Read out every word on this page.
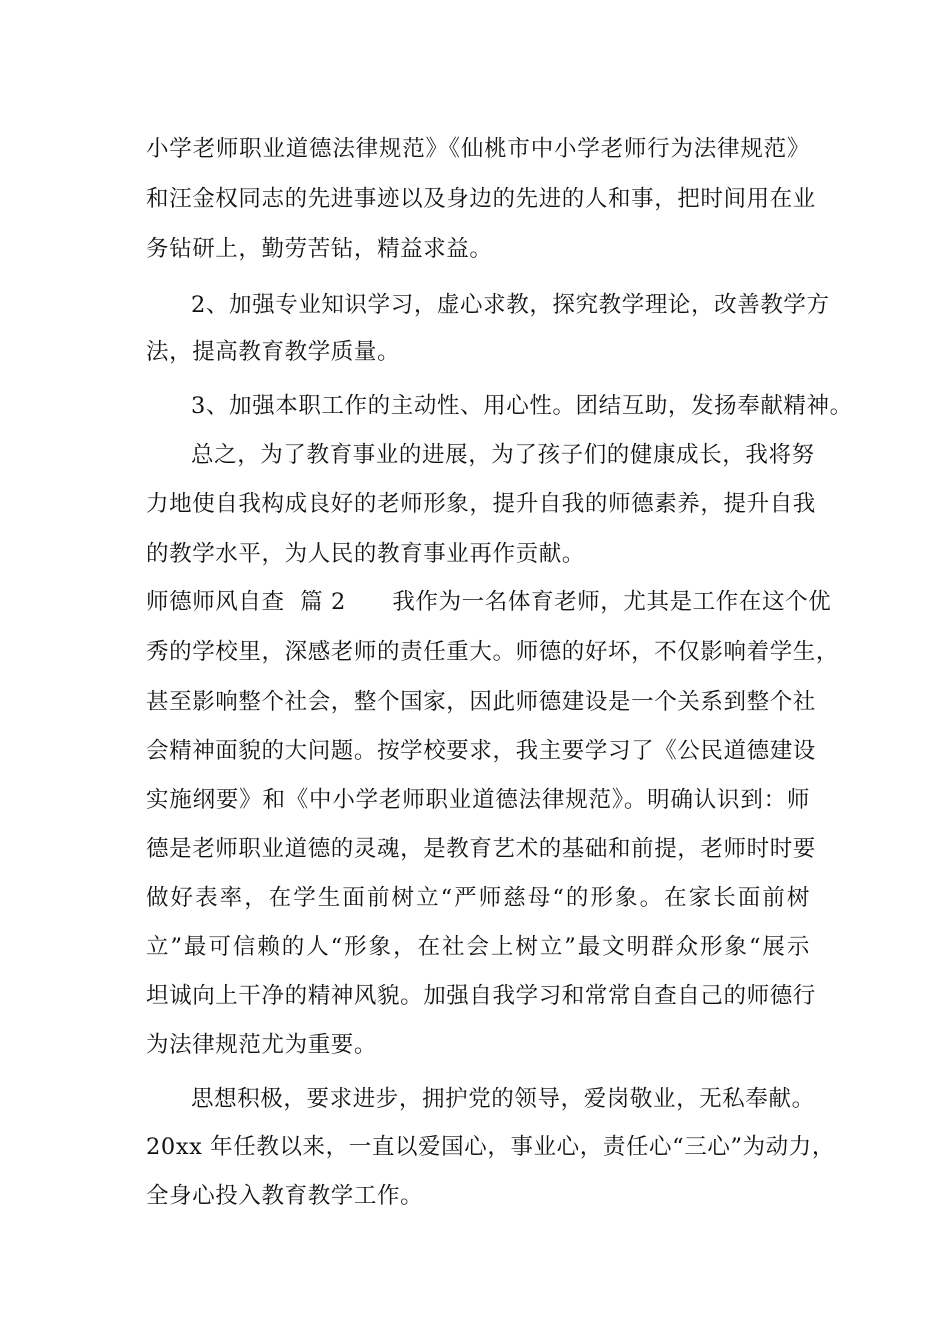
小学老师职业道德法律规范》《仙桃市中小学老师行为法律规范》
和汪金权同志的先进事迹以及身边的先进的人和事，把时间用在业
务钻研上，勤劳苦钻，精益求益。
2、加强专业知识学习，虚心求教，探究教学理论，改善教学方
法，提高教育教学质量。
3、加强本职工作的主动性、用心性。团结互助，发扬奉献精神。
总之，为了教育事业的进展，为了孩子们的健康成长，我将努
力地使自我构成良好的老师形象，提升自我的师德素养，提升自我
的教学水平，为人民的教育事业再作贡献。
师德师风自查  篇 2      我作为一名体育老师，尤其是工作在这个优
秀的学校里，深感老师的责任重大。师德的好坏，不仅影响着学生，
甚至影响整个社会，整个国家，因此师德建设是一个关系到整个社
会精神面貌的大问题。按学校要求，我主要学习了《公民道德建设
实施纲要》和《中小学老师职业道德法律规范》。明确认识到：师
德是老师职业道德的灵魂，是教育艺术的基础和前提，老师时时要
做好表率，在学生面前树立“严师慈母“的形象。在家长面前树
立”最可信赖的人“形象，在社会上树立”最文明群众形象“展示
坦诚向上干净的精神风貌。加强自我学习和常常自查自己的师德行
为法律规范尤为重要。
思想积极，要求进步，拥护党的领导，爱岗敬业，无私奉献。
20xx 年任教以来，一直以爱国心，事业心，责任心“三心”为动力，
全身心投入教育教学工作。
